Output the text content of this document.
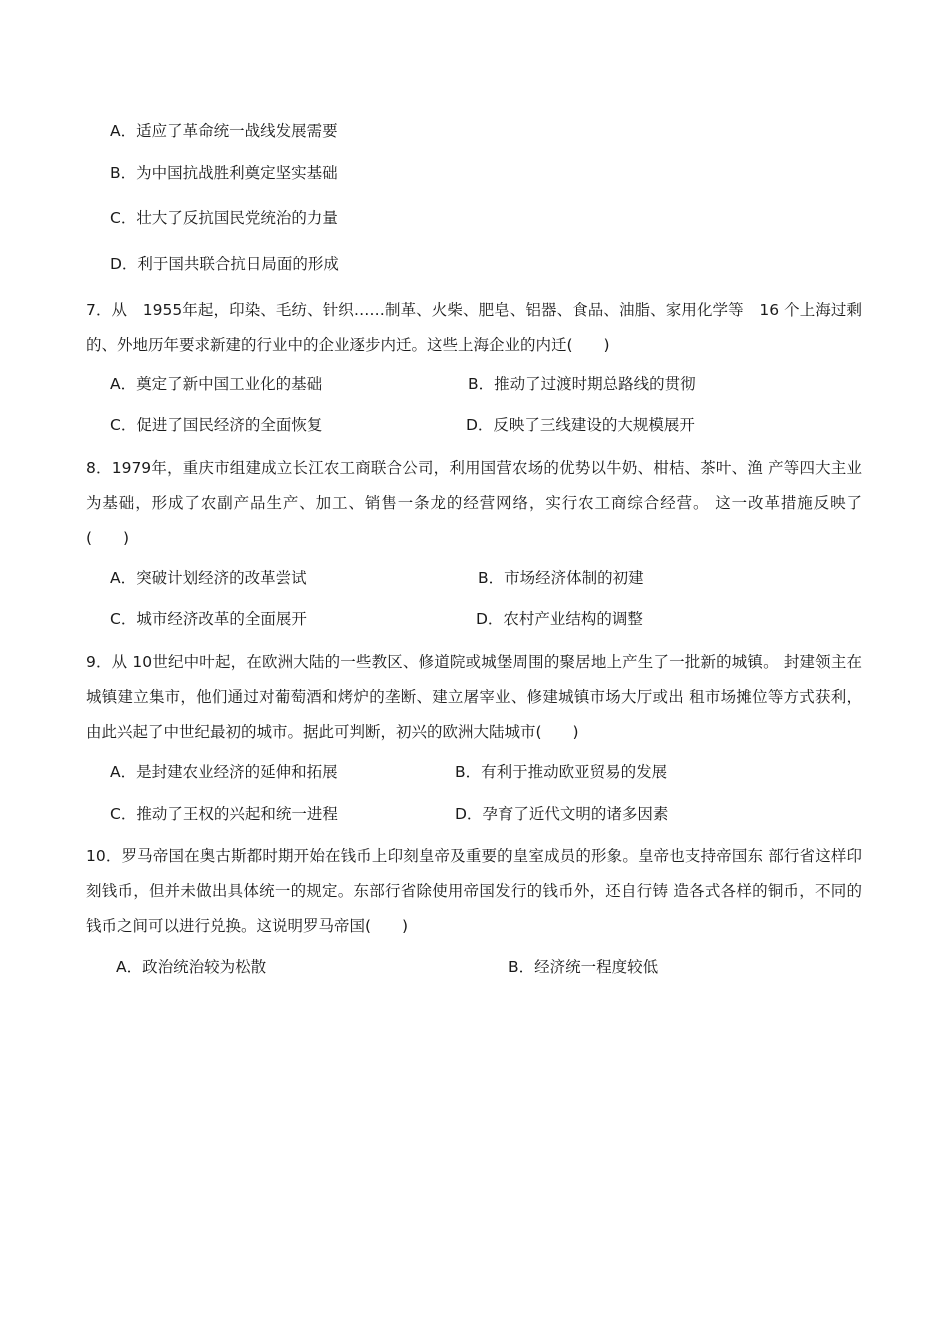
A．适应了革命统一战线发展需要
B．为中国抗战胜利奠定坚实基础
C．壮大了反抗国民党统治的力量
D．利于国共联合抗日局面的形成
7．从　1955年起，印染、毛纺、针织……制革、火柴、肥皂、铝器、食品、油脂、家用化学等　16 个上海过剩的、外地历年要求新建的行业中的企业逐步内迁。这些上海企业的内迁(　　)
A．奠定了新中国工业化的基础	B．推动了过渡时期总路线的贯彻
C．促进了国民经济的全面恢复	D．反映了三线建设的大规模展开
8．1979年，重庆市组建成立长江农工商联合公司，利用国营农场的优势以牛奶、柑桔、茶叶、渔 产等四大主业为基础，形成了农副产品生产、加工、销售一条龙的经营网络，实行农工商综合经营。 这一改革措施反映了(　　)
A．突破计划经济的改革尝试	B．市场经济体制的初建
C．城市经济改革的全面展开	D．农村产业结构的调整
9．从 10世纪中叶起，在欧洲大陆的一些教区、修道院或城堡周围的聚居地上产生了一批新的城镇。 封建领主在城镇建立集市，他们通过对葡萄酒和烤炉的垄断、建立屠宰业、修建城镇市场大厅或出 租市场摊位等方式获利，由此兴起了中世纪最初的城市。据此可判断，初兴的欧洲大陆城市(　　)
A．是封建农业经济的延伸和拓展	B．有利于推动欧亚贸易的发展
C．推动了王权的兴起和统一进程	D．孕育了近代文明的诸多因素
10．罗马帝国在奥古斯都时期开始在钱币上印刻皇帝及重要的皇室成员的形象。皇帝也支持帝国东 部行省这样印刻钱币，但并未做出具体统一的规定。东部行省除使用帝国发行的钱币外，还自行铸 造各式各样的铜币，不同的钱币之间可以进行兑换。这说明罗马帝国(　　)
A．政治统治较为松散	B．经济统一程度较低
